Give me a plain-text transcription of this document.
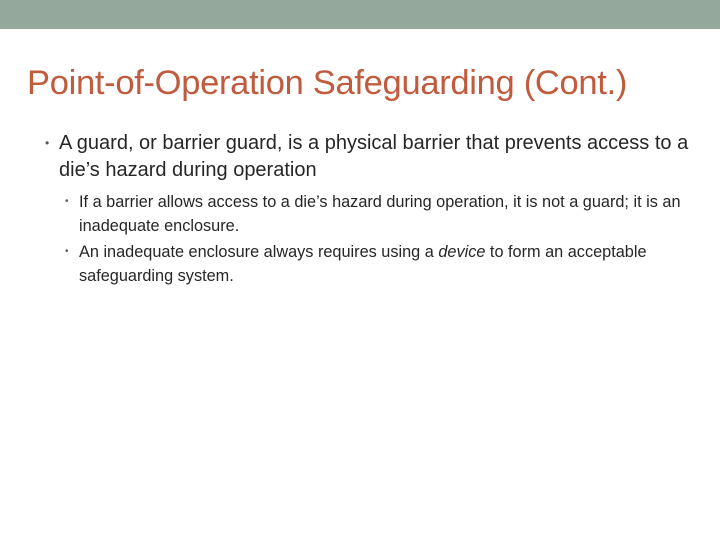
Point-of-Operation Safeguarding (Cont.)
• A guard, or barrier guard, is a physical barrier that prevents access to a die’s hazard during operation
• If a barrier allows access to a die’s hazard during operation, it is not a guard; it is an inadequate enclosure.
• An inadequate enclosure always requires using a device to form an acceptable safeguarding system.
